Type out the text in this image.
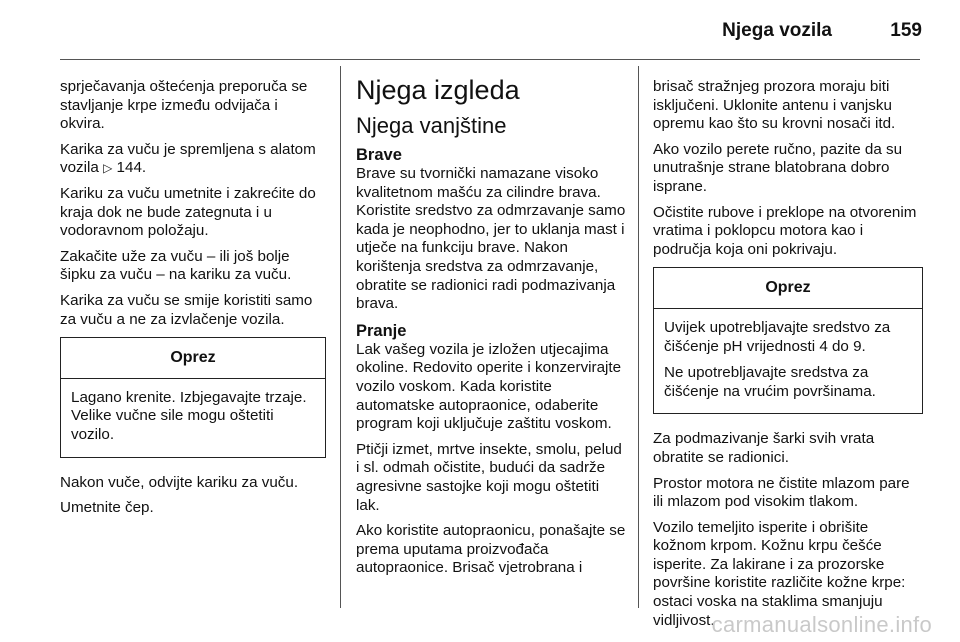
Njega vozila	159

sprječavanja oštećenja preporuča se stavljanje krpe između odvijača i okvira.

Karika za vuču je spremljena s alatom vozila ▷ 144.

Kariku za vuču umetnite i zakrećite do kraja dok ne bude zategnuta i u vodoravnom položaju.

Zakačite uže za vuču – ili još bolje šipku za vuču – na kariku za vuču.

Karika za vuču se smije koristiti samo za vuču a ne za izvlačenje vozila.

Oprez

Lagano krenite. Izbjegavajte trzaje. Velike vučne sile mogu oštetiti vozilo.

Nakon vuče, odvijte kariku za vuču.

Umetnite čep.

Njega izgleda
Njega vanjštine
Brave

Brave su tvornički namazane visoko kvalitetnom mašću za cilindre brava. Koristite sredstvo za odmrzavanje samo kada je neophodno, jer to uklanja mast i utječe na funkciju brave. Nakon korištenja sredstva za odmrzavanje, obratite se radionici radi podmazivanja brava.

Pranje

Lak vašeg vozila je izložen utjecajima okoline. Redovito operite i konzervirajte vozilo voskom. Kada koristite automatske autopraonice, odaberite program koji uključuje zaštitu voskom.

Ptičji izmet, mrtve insekte, smolu, pelud i sl. odmah očistite, budući da sadrže agresivne sastojke koji mogu oštetiti lak.

Ako koristite autopraonicu, ponašajte se prema uputama proizvođača autopraonice. Brisač vjetrobrana i

brisač stražnjeg prozora moraju biti isključeni. Uklonite antenu i vanjsku opremu kao što su krovni nosači itd.

Ako vozilo perete ručno, pazite da su unutrašnje strane blatobrana dobro isprane.

Očistite rubove i preklope na otvorenim vratima i poklopcu motora kao i područja koja oni pokrivaju.

Oprez

Uvijek upotrebljavajte sredstvo za čišćenje pH vrijednosti 4 do 9.

Ne upotrebljavajte sredstva za čišćenje na vrućim površinama.

Za podmazivanje šarki svih vrata obratite se radionici.

Prostor motora ne čistite mlazom pare ili mlazom pod visokim tlakom.

Vozilo temeljito isperite i obrišite kožnom krpom. Kožnu krpu češće isperite. Za lakirane i za prozorske površine koristite različite kožne krpe: ostaci voska na staklima smanjuju vidljivost.

carmanualsonline.info
